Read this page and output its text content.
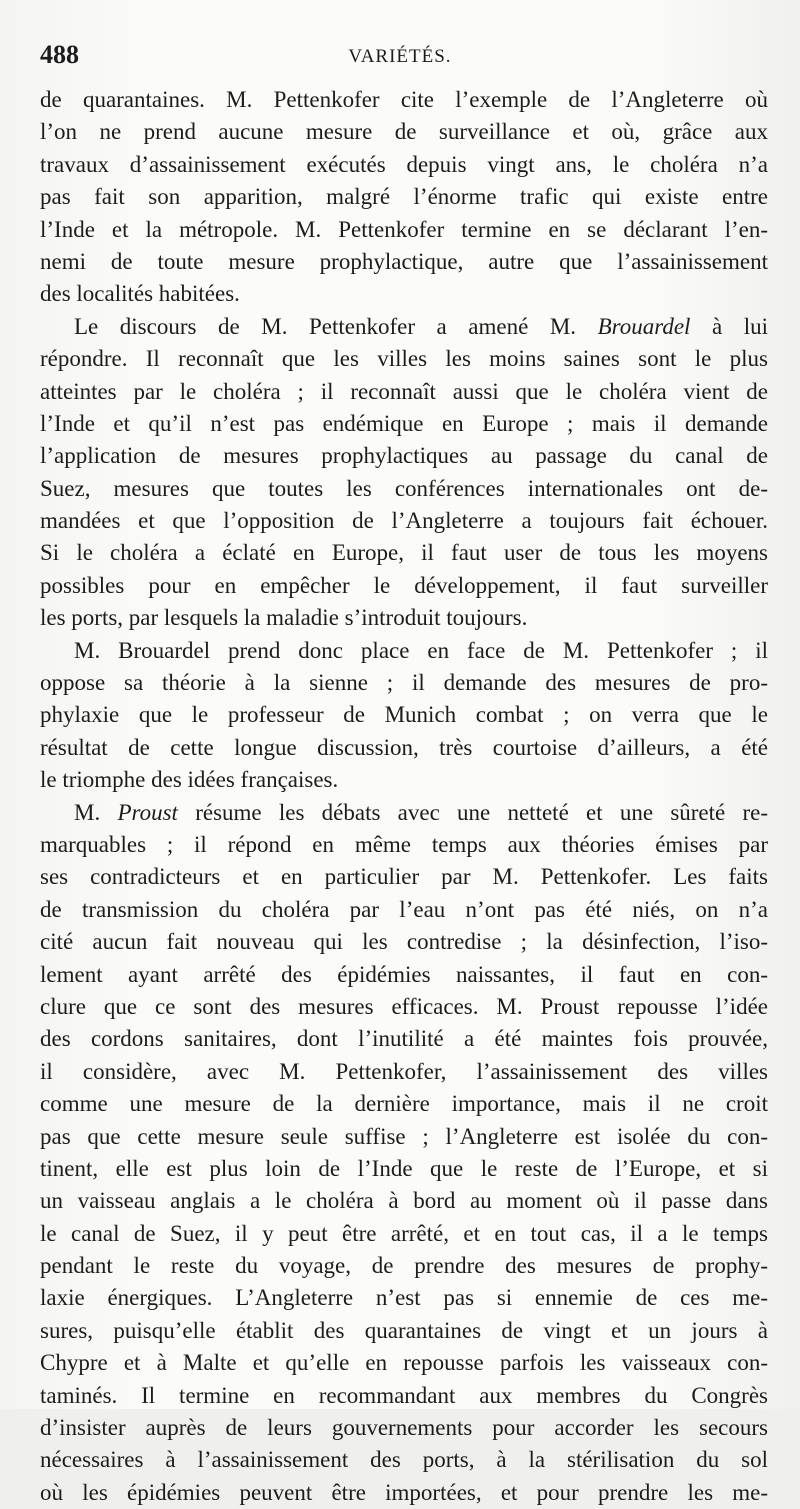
488	VARIÉTÉS.
de quarantaines. M. Pettenkofer cite l’exemple de l’Angleterre où
l’on ne prend aucune mesure de surveillance et où, grâce aux
travaux d’assainissement exécutés depuis vingt ans, le choléra n’a
pas fait son apparition, malgré l’énorme trafic qui existe entre
l’Inde et la métropole. M. Pettenkofer termine en se déclarant l’en-
nemi de toute mesure prophylactique, autre que l’assainissement
des localités habitées.
Le discours de M. Pettenkofer a amené M. Brouardel à lui
répondre. Il reconnaît que les villes les moins saines sont le plus
atteintes par le choléra ; il reconnaît aussi que le choléra vient de
l’Inde et qu’il n’est pas endémique en Europe ; mais il demande
l’application de mesures prophylactiques au passage du canal de
Suez, mesures que toutes les conférences internationales ont de-
mandées et que l’opposition de l’Angleterre a toujours fait échouer.
Si le choléra a éclaté en Europe, il faut user de tous les moyens
possibles pour en empêcher le développement, il faut surveiller
les ports, par lesquels la maladie s’introduit toujours.
M. Brouardel prend donc place en face de M. Pettenkofer ; il
oppose sa théorie à la sienne ; il demande des mesures de pro-
phylaxie que le professeur de Munich combat ; on verra que le
résultat de cette longue discussion, très courtoise d’ailleurs, a été
le triomphe des idées françaises.
M. Proust résume les débats avec une netteté et une sûreté re-
marquables ; il répond en même temps aux théories émises par
ses contradicteurs et en particulier par M. Pettenkofer. Les faits
de transmission du choléra par l’eau n’ont pas été niés, on n’a
cité aucun fait nouveau qui les contredise ; la désinfection, l’iso-
lement ayant arrêté des épidémies naissantes, il faut en con-
clure que ce sont des mesures efficaces. M. Proust repousse l’idée
des cordons sanitaires, dont l’inutilité a été maintes fois prouvée,
il considère, avec M. Pettenkofer, l’assainissement des villes
comme une mesure de la dernière importance, mais il ne croit
pas que cette mesure seule suffise ; l’Angleterre est isolée du con-
tinent, elle est plus loin de l’Inde que le reste de l’Europe, et si
un vaisseau anglais a le choléra à bord au moment où il passe dans
le canal de Suez, il y peut être arrêté, et en tout cas, il a le temps
pendant le reste du voyage, de prendre des mesures de prophy-
laxie énergiques. L’Angleterre n’est pas si ennemie de ces me-
sures, puisqu’elle établit des quarantaines de vingt et un jours à
Chypre et à Malte et qu’elle en repousse parfois les vaisseaux con-
taminés. Il termine en recommandant aux membres du Congrès
d’insister auprès de leurs gouvernements pour accorder les secours
nécessaires à l’assainissement des ports, à la stérilisation du sol
où les épidémies peuvent être importées, et pour prendre les me-
